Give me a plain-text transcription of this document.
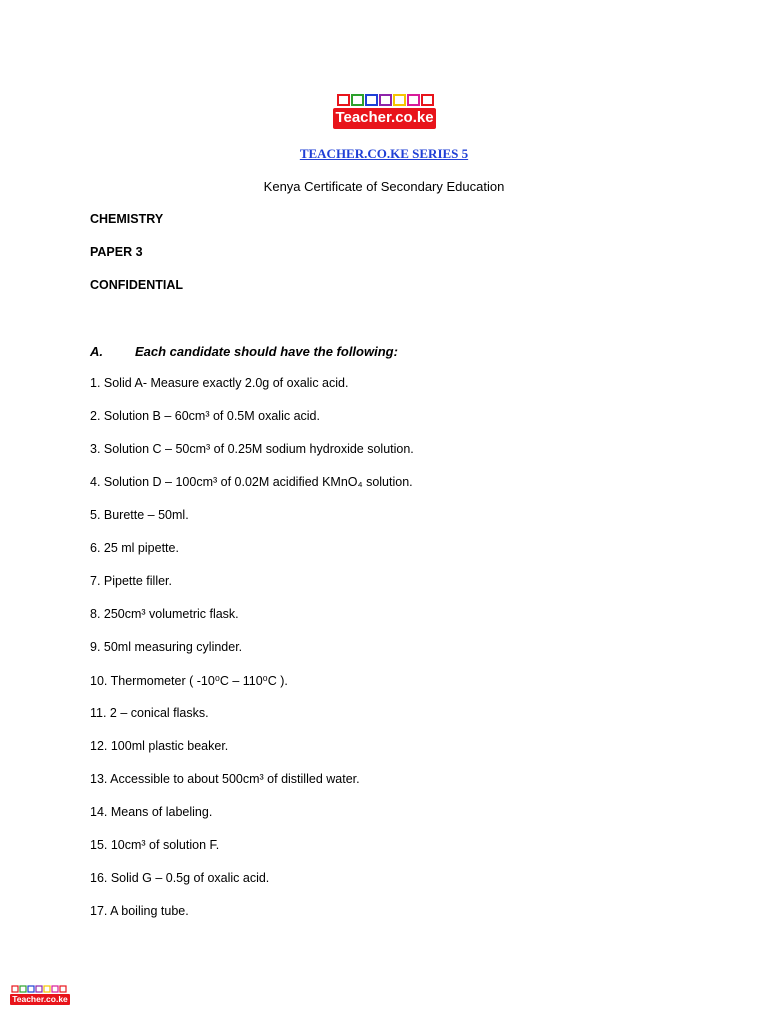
Teacher.co.ke
TEACHER.CO.KE SERIES 5
Kenya Certificate of Secondary Education
CHEMISTRY
PAPER 3
CONFIDENTIAL
A. Each candidate should have the following:
1. Solid A- Measure exactly 2.0g of oxalic acid.
2. Solution B – 60cm³ of 0.5M oxalic acid.
3. Solution C – 50cm³ of 0.25M sodium hydroxide solution.
4. Solution D – 100cm³ of 0.02M acidified KMnO₄ solution.
5. Burette – 50ml.
6. 25 ml pipette.
7. Pipette filler.
8. 250cm³ volumetric flask.
9. 50ml measuring cylinder.
10. Thermometer ( -10⁰C – 110⁰C ).
11. 2 – conical flasks.
12. 100ml plastic beaker.
13. Accessible to about 500cm³ of distilled water.
14. Means of labeling.
15. 10cm³ of solution F.
16. Solid G – 0.5g of oxalic acid.
17. A boiling tube.
Teacher.co.ke
